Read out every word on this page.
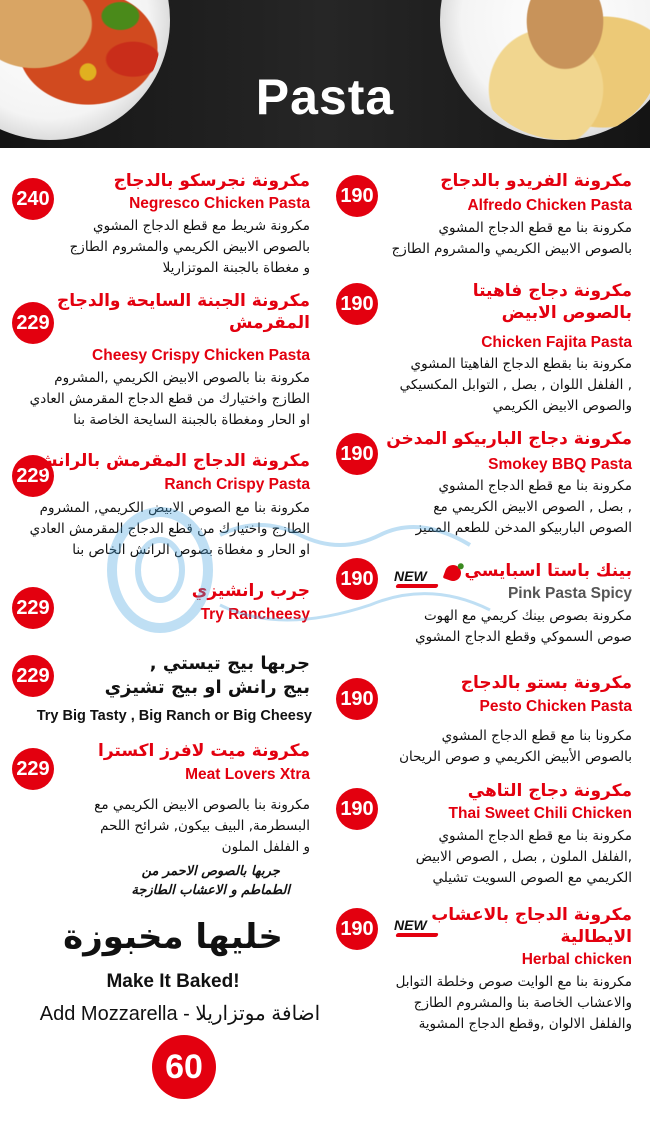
Pasta
190
مكرونة الفريدو بالدجاج
Alfredo Chicken Pasta
مكرونة بنا مع قطع الدجاج المشوي
بالصوص الابيض الكريمي والمشروم الطازج
190
مكرونة دجاج فاهيتا
بالصوص الابيض
Chicken Fajita Pasta
مكرونة بنا بقطع الدجاج الفاهيتا المشوي
, الفلفل اللوان , بصل , التوابل المكسيكي
والصوص الابيض الكريمي
190
مكرونة دجاج الباربيكو المدخن
Smokey BBQ Pasta
مكرونة بنا مع قطع الدجاج المشوي
, بصل , الصوص الابيض الكريمي مع
الصوص الباربيكو المدخن للطعم المميز
190	NEW	بينك باستا اسبايسي
Pink Pasta Spicy
مكرونة بصوص بينك كريمي مع الهوت
صوص السموكي وقطع الدجاج المشوي
190
مكرونة بستو بالدجاج
Pesto Chicken Pasta
مكرونا بنا مع قطع الدجاج المشوي
بالصوص الأبيض الكريمي و صوص الريحان
190
مكرونة دجاج التاهي
Thai Sweet Chili Chicken
مكرونة بنا مع قطع الدجاج المشوي
,الفلفل الملون , بصل , الصوص الابيض
الكريمي مع الصوص السويت تشيلي
190	NEW مكرونة الدجاج بالاعشاب
الايطالية
Herbal chicken
مكرونة بنا مع الوايت صوص وخلطة التوابل
والاعشاب الخاصة بنا والمشروم الطازج
والفلفل الالوان ,وقطع الدجاج المشوية
240
مكرونة نجرسكو بالدجاج
Negresco Chicken Pasta
مكرونة شريط مع قطع الدجاج المشوي
بالصوص الابيض الكريمي والمشروم الطازج
و مغطاة بالجبنة الموتزاريلا
229
مكرونة الجبنة السايحة والدجاج
المقرمش
Cheesy Crispy Chicken Pasta
مكرونة بنا بالصوص الابيض الكريمي ,المشروم
الطازج واختيارك من قطع الدجاج المقرمش العادي
او الحار ومغطاة بالجبنة السايحة الخاصة بنا
229
مكرونة الدجاج المقرمش بالرانش
Ranch Crispy Pasta
مكرونة بنا مع الصوص الابيض الكريمي, المشروم
الطازج واختيارك من قطع الدجاج المقرمش العادي
او الحار و مغطاة بصوص الرانش الخاص بنا
229
جرب رانشيزي
Try Rancheesy
229
جربها بيج تيستي ,
بيج رانش او بيج تشيزي
Try Big Tasty , Big Ranch or Big Cheesy
229
مكرونة ميت لافرز اكسترا
Meat Lovers Xtra
مكرونة بنا بالصوص الابيض الكريمي مع
البسطرمة, البيف بيكون, شرائح اللحم
و الفلفل الملون
جربها بالصوص الاحمر من
الطماطم و الاعشاب الطازجة
خليها مخبوزة
Make It Baked!
Add Mozzarella - اضافة موتزاريلا
60
